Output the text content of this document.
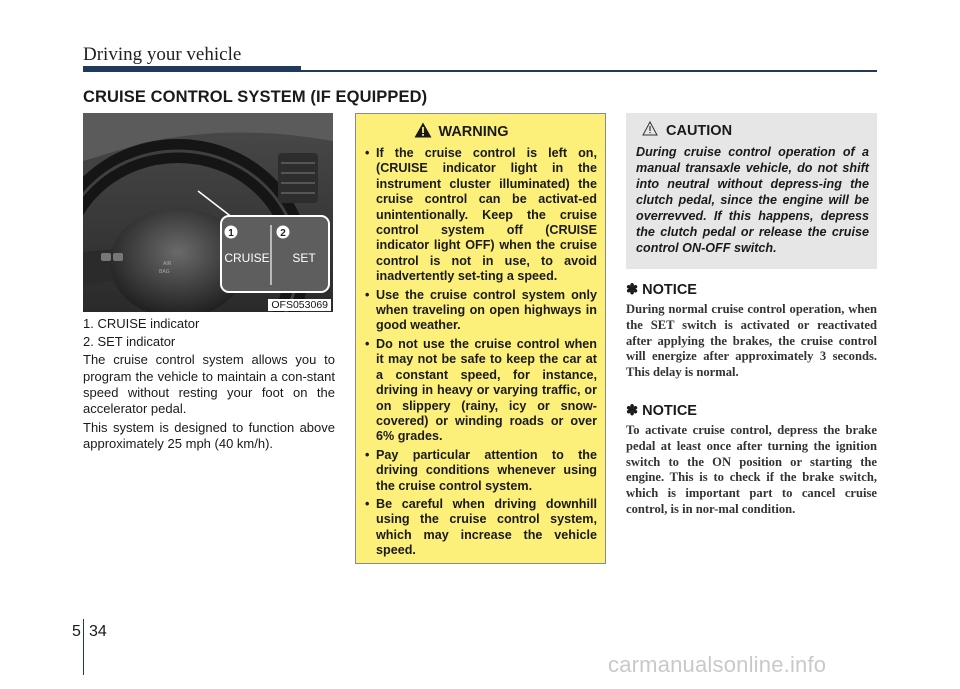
Driving your vehicle
CRUISE CONTROL SYSTEM (IF EQUIPPED)
AIR
BAG
1	2
CRUISE SET
OFS053069

1. CRUISE indicator

2. SET indicator

The cruise control system allows you to program the vehicle to maintain a con-stant speed without resting your foot on the accelerator pedal.

This system is designed to function above approximately 25 mph (40 km/h).

WARNING
• If the cruise control is left on, (CRUISE indicator light in the instrument cluster illuminated) the cruise control can be activat-ed unintentionally. Keep the cruise control system off (CRUISE indicator light OFF) when the cruise control is not in use, to avoid inadvertently set-ting a speed.
• Use the cruise control system only when traveling on open highways in good weather.
• Do not use the cruise control when it may not be safe to keep the car at a constant speed, for instance, driving in heavy or varying traffic, or on slippery (rainy, icy or snow-covered) or winding roads or over 6% grades.
• Pay particular attention to the driving conditions whenever using the cruise control system.
• Be careful when driving downhill using the cruise control system, which may increase the vehicle speed.
CAUTION
During cruise control operation of a manual transaxle vehicle, do not shift into neutral without depress-ing the clutch pedal, since the engine will be overrevved. If this happens, depress the clutch pedal or release the cruise control ON-OFF switch.
✽ NOTICE
During normal cruise control operation, when the SET switch is activated or reactivated after applying the brakes, the cruise control will energize after approximately 3 seconds. This delay is normal.
✽ NOTICE
To activate cruise control, depress the brake pedal at least once after turning the ignition switch to the ON position or starting the engine. This is to check if the brake switch, which is important part to cancel cruise control, is in nor-mal condition.
5 34
carmanualsonline.info
